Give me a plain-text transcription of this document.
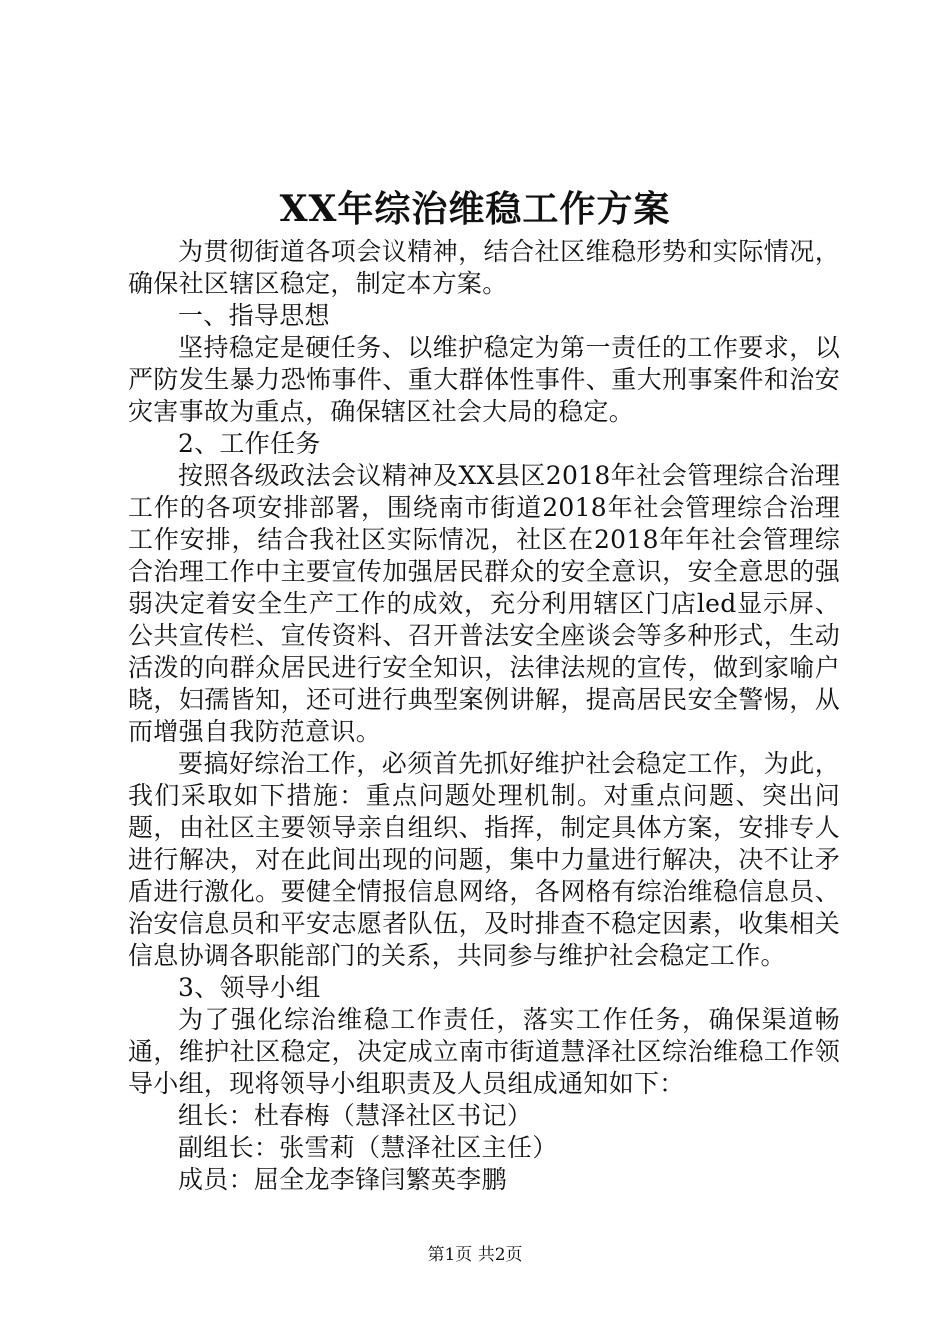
XX年综治维稳工作方案

为贯彻街道各项会议精神，结合社区维稳形势和实际情况，确保社区辖区稳定，制定本方案。

一、指导思想

坚持稳定是硬任务、以维护稳定为第一责任的工作要求，以严防发生暴力恐怖事件、重大群体性事件、重大刑事案件和治安灾害事故为重点，确保辖区社会大局的稳定。

2、工作任务

按照各级政法会议精神及XX县区2018年社会管理综合治理工作的各项安排部署，围绕南市街道2018年社会管理综合治理工作安排，结合我社区实际情况，社区在2018年年社会管理综合治理工作中主要宣传加强居民群众的安全意识，安全意思的强弱决定着安全生产工作的成效，充分利用辖区门店led显示屏、公共宣传栏、宣传资料、召开普法安全座谈会等多种形式，生动活泼的向群众居民进行安全知识，法律法规的宣传，做到家喻户晓，妇孺皆知，还可进行典型案例讲解，提高居民安全警惕，从而增强自我防范意识。

要搞好综治工作，必须首先抓好维护社会稳定工作，为此，我们采取如下措施：重点问题处理机制。对重点问题、突出问题，由社区主要领导亲自组织、指挥，制定具体方案，安排专人进行解决，对在此间出现的问题，集中力量进行解决，决不让矛盾进行激化。要健全情报信息网络，各网格有综治维稳信息员、治安信息员和平安志愿者队伍，及时排查不稳定因素，收集相关信息协调各职能部门的关系，共同参与维护社会稳定工作。

3、领导小组

为了强化综治维稳工作责任，落实工作任务，确保渠道畅通，维护社区稳定，决定成立南市街道慧泽社区综治维稳工作领导小组，现将领导小组职责及人员组成通知如下：

组长：杜春梅（慧泽社区书记）

副组长：张雪莉（慧泽社区主任）

成员：屈全龙李锋闫繁英李鹏

第1页 共2页
